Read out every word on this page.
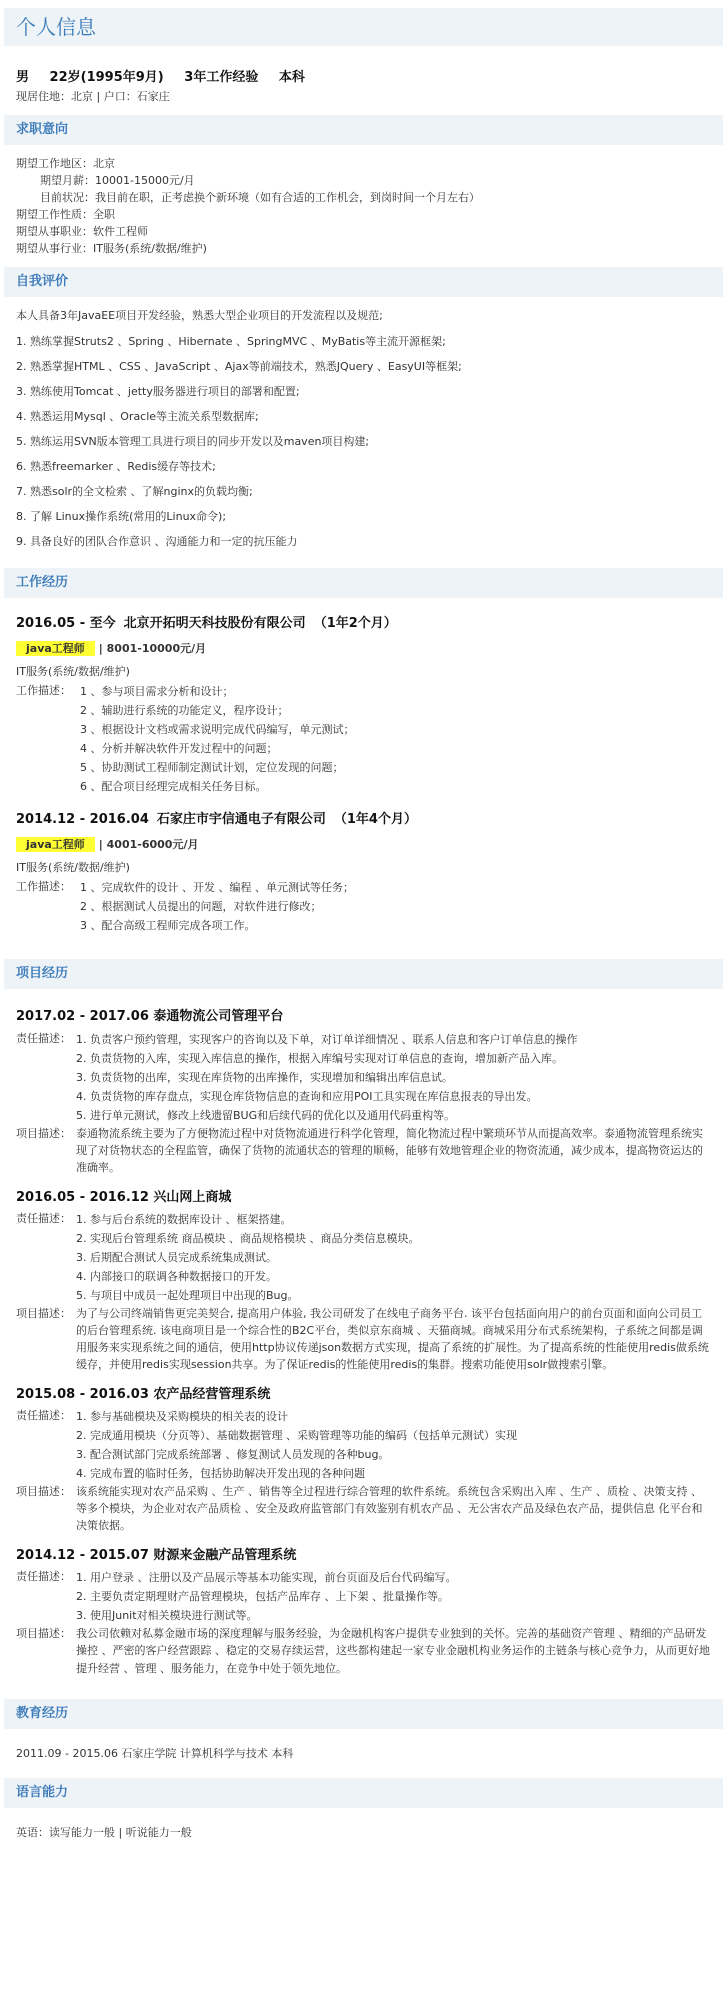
个人信息
男 22岁(1995年9月) 3年工作经验 本科
现居住地：北京 | 户口：石家庄
求职意向
期望工作地区： 北京
期望月薪： 10001-15000元/月
目前状况： 我目前在职，正考虑换个新环境（如有合适的工作机会，到岗时间一个月左右）
期望工作性质： 全职
期望从事职业： 软件工程师
期望从事行业： IT服务(系统/数据/维护)
自我评价
本人具备3年JavaEE项目开发经验，熟悉大型企业项目的开发流程以及规范;
1. 熟练掌握Struts2 、Spring 、Hibernate 、SpringMVC 、MyBatis等主流开源框架;
2. 熟悉掌握HTML 、CSS 、JavaScript 、Ajax等前端技术，熟悉JQuery 、EasyUI等框架;
3. 熟练使用Tomcat 、jetty服务器进行项目的部署和配置;
4. 熟悉运用Mysql 、Oracle等主流关系型数据库;
5. 熟练运用SVN版本管理工具进行项目的同步开发以及maven项目构建;
6. 熟悉freemarker 、Redis缓存等技术;
7. 熟悉solr的全文检索 、了解nginx的负载均衡;
8. 了解 Linux操作系统(常用的Linux命令);
9. 具备良好的团队合作意识 、沟通能力和一定的抗压能力
工作经历
2016.05 - 至今 北京开拓明天科技股份有限公司 （1年2个月）
java工程师 | 8001-10000元/月
IT服务(系统/数据/维护)
工作描述： 1 、参与项目需求分析和设计；
2 、辅助进行系统的功能定义，程序设计；
3 、根据设计文档或需求说明完成代码编写，单元测试；
4 、分析并解决软件开发过程中的问题；
5 、协助测试工程师制定测试计划，定位发现的问题；
6 、配合项目经理完成相关任务目标。
2014.12 - 2016.04 石家庄市宇信通电子有限公司 （1年4个月）
java工程师 | 4001-6000元/月
IT服务(系统/数据/维护)
工作描述： 1 、完成软件的设计 、开发 、编程 、单元测试等任务；
2 、根据测试人员提出的问题，对软件进行修改；
3 、配合高级工程师完成各项工作。
项目经历
2017.02 - 2017.06 泰通物流公司管理平台
责任描述： 1. 负责客户预约管理，实现客户的咨询以及下单，对订单详细情况 、联系人信息和客户订单信息的操作
2. 负责货物的入库，实现入库信息的操作，根据入库编号实现对订单信息的查询，增加新产品入库。
3. 负责货物的出库，实现在库货物的出库操作，实现增加和编辑出库信息试。
4. 负责货物的库存盘点，实现仓库货物信息的查询和应用POI工具实现在库信息报表的导出发。
5. 进行单元测试，修改上线遗留BUG和后续代码的优化以及通用代码重构等。
项目描述： 泰通物流系统主要为了方便物流过程中对货物流通进行科学化管理，简化物流过程中繁琐环节从而提高效率。泰通物流管理系统实现了对货物状态的全程监管，确保了货物的流通状态的管理的顺畅，能够有效地管理企业的物资流通，减少成本，提高物资运达的准确率。
2016.05 - 2016.12 兴山网上商城
责任描述： 1. 参与后台系统的数据库设计 、框架搭建。
2. 实现后台管理系统 商品模块 、商品规格模块 、商品分类信息模块。
3. 后期配合测试人员完成系统集成测试。
4. 内部接口的联调各种数据接口的开发。
5. 与项目中成员一起处理项目中出现的Bug。
项目描述： 为了与公司终端销售更完美契合, 提高用户体验, 我公司研发了在线电子商务平台. 该平台包括面向用户的前台页面和面向公司员工的后台管理系统. 该电商项目是一个综合性的B2C平台，类似京东商城 、天猫商城。商城采用分布式系统架构，子系统之间都是调用服务来实现系统之间的通信，使用http协议传递json数据方式实现，提高了系统的扩展性。为了提高系统的性能使用redis做系统缓存，并使用redis实现session共享。为了保证redis的性能使用redis的集群。搜索功能使用solr做搜索引擎。
2015.08 - 2016.03 农产品经营管理系统
责任描述： 1. 参与基础模块及采购模块的相关表的设计
2. 完成通用模块（分页等）、基础数据管理 、采购管理等功能的编码（包括单元测试）实现
3. 配合测试部门完成系统部署 、修复测试人员发现的各种bug。
4. 完成布置的临时任务，包括协助解决开发出现的各种问题
项目描述： 该系统能实现对农产品采购 、生产 、销售等全过程进行综合管理的软件系统。系统包含采购出入库 、生产 、质检 、决策支持 、等多个模块，为企业对农产品质检 、安全及政府监管部门有效鉴别有机农产品 、无公害农产品及绿色农产品，提供信息 化平台和决策依据。
2014.12 - 2015.07 财源来金融产品管理系统
责任描述： 1. 用户登录 、注册以及产品展示等基本功能实现，前台页面及后台代码编写。
2. 主要负责定期理财产品管理模块，包括产品库存 、上下架 、批量操作等。
3. 使用Junit对相关模块进行测试等。
项目描述： 我公司依赖对私募金融市场的深度理解与服务经验，为金融机构客户提供专业独到的关怀。完善的基础资产管理 、精细的产品研发操控 、严密的客户经营跟踪 、稳定的交易存续运营，这些都构建起一家专业金融机构业务运作的主链条与核心竞争力，从而更好地提升经营 、管理 、服务能力，在竞争中处于领先地位。
教育经历
2011.09 - 2015.06 石家庄学院 计算机科学与技术 本科
语言能力
英语：读写能力一般 | 听说能力一般
